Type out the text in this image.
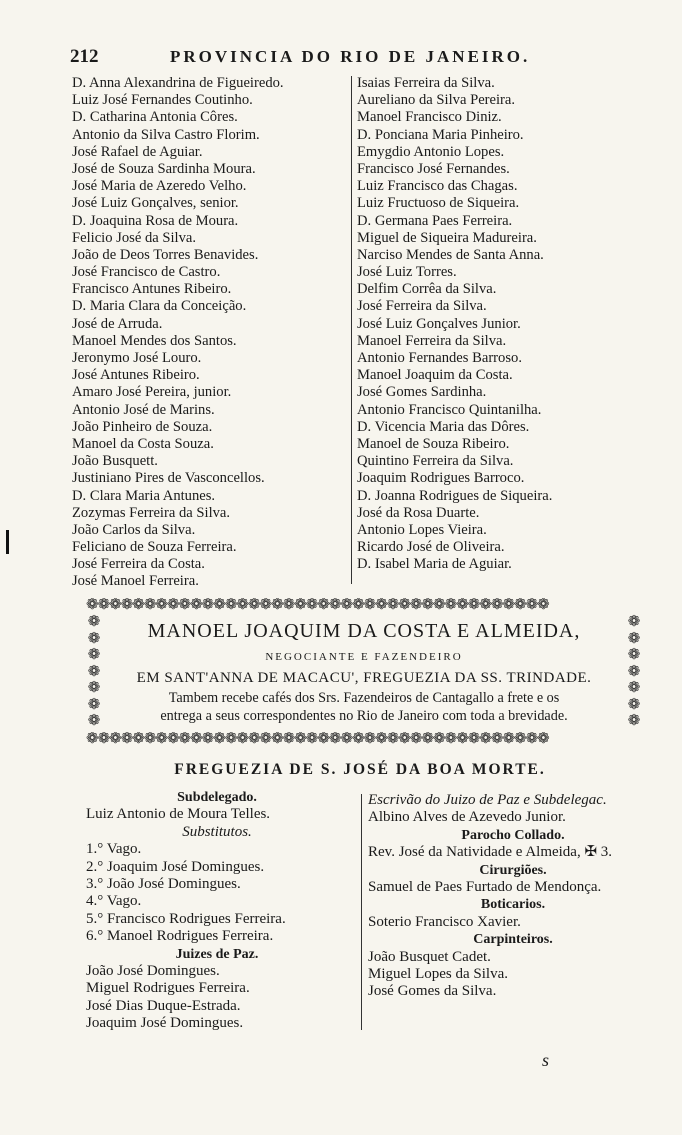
212	PROVINCIA DO RIO DE JANEIRO.
D. Anna Alexandrina de Figueiredo.
Luiz José Fernandes Coutinho.
D. Catharina Antonia Côres.
Antonio da Silva Castro Florim.
José Rafael de Aguiar.
José de Souza Sardinha Moura.
José Maria de Azeredo Velho.
José Luiz Gonçalves, senior.
D. Joaquina Rosa de Moura.
Felicio José da Silva.
João de Deos Torres Benavides.
José Francisco de Castro.
Francisco Antunes Ribeiro.
D. Maria Clara da Conceição.
José de Arruda.
Manoel Mendes dos Santos.
Jeronymo José Louro.
José Antunes Ribeiro.
Amaro José Pereira, junior.
Antonio José de Marins.
João Pinheiro de Souza.
Manoel da Costa Souza.
João Busquett.
Justiniano Pires de Vasconcellos.
D. Clara Maria Antunes.
Zozymas Ferreira da Silva.
João Carlos da Silva.
Feliciano de Souza Ferreira.
José Ferreira da Costa.
José Manoel Ferreira.
Isaias Ferreira da Silva.
Aureliano da Silva Pereira.
Manoel Francisco Diniz.
D. Ponciana Maria Pinheiro.
Emygdio Antonio Lopes.
Francisco José Fernandes.
Luiz Francisco das Chagas.
Luiz Fructuoso de Siqueira.
D. Germana Paes Ferreira.
Miguel de Siqueira Madureira.
Narciso Mendes de Santa Anna.
José Luiz Torres.
Delfim Corrêa da Silva.
José Ferreira da Silva.
José Luiz Gonçalves Junior.
Manoel Ferreira da Silva.
Antonio Fernandes Barroso.
Manoel Joaquim da Costa.
José Gomes Sardinha.
Antonio Francisco Quintanilha.
D. Vicencia Maria das Dôres.
Manoel de Souza Ribeiro.
Quintino Ferreira da Silva.
Joaquim Rodrigues Barroco.
D. Joanna Rodrigues de Siqueira.
José da Rosa Duarte.
Antonio Lopes Vieira.
Ricardo José de Oliveira.
D. Isabel Maria de Aguiar.
❁❁❁❁❁❁❁❁❁❁❁❁❁❁❁❁❁❁❁❁❁❁❁❁❁❁❁❁❁❁❁❁❁❁❁❁❁❁❁❁
❁❁❁❁❁❁❁
❁❁❁❁❁❁❁
❁❁❁❁❁❁❁❁❁❁❁❁❁❁❁❁❁❁❁❁❁❁❁❁❁❁❁❁❁❁❁❁❁❁❁❁❁❁❁❁
MANOEL JOAQUIM DA COSTA E ALMEIDA,
NEGOCIANTE E FAZENDEIRO
EM SANT'ANNA DE MACACU', FREGUEZIA DA SS. TRINDADE.
Tambem recebe cafés dos Srs. Fazendeiros de Cantagallo a frete e os
entrega a seus correspondentes no Rio de Janeiro com toda a brevidade.
FREGUEZIA DE S. JOSÉ DA BOA MORTE.
Subdelegado.
Luiz Antonio de Moura Telles.
Substitutos.
1.° Vago.
2.° Joaquim José Domingues.
3.° João José Domingues.
4.° Vago.
5.° Francisco Rodrigues Ferreira.
6.° Manoel Rodrigues Ferreira.
Juizes de Paz.
João José Domingues.
Miguel Rodrigues Ferreira.
José Dias Duque-Estrada.
Joaquim José Domingues.
Escrivão do Juizo de Paz e Subdelegac.
Albino Alves de Azevedo Junior.
Parocho Collado.
Rev. José da Natividade e Almeida, ✠ 3.
Cirurgiões.
Samuel de Paes Furtado de Mendonça.
Boticarios.
Soterio Francisco Xavier.
Carpinteiros.
João Busquet Cadet.
Miguel Lopes da Silva.
José Gomes da Silva.
s
